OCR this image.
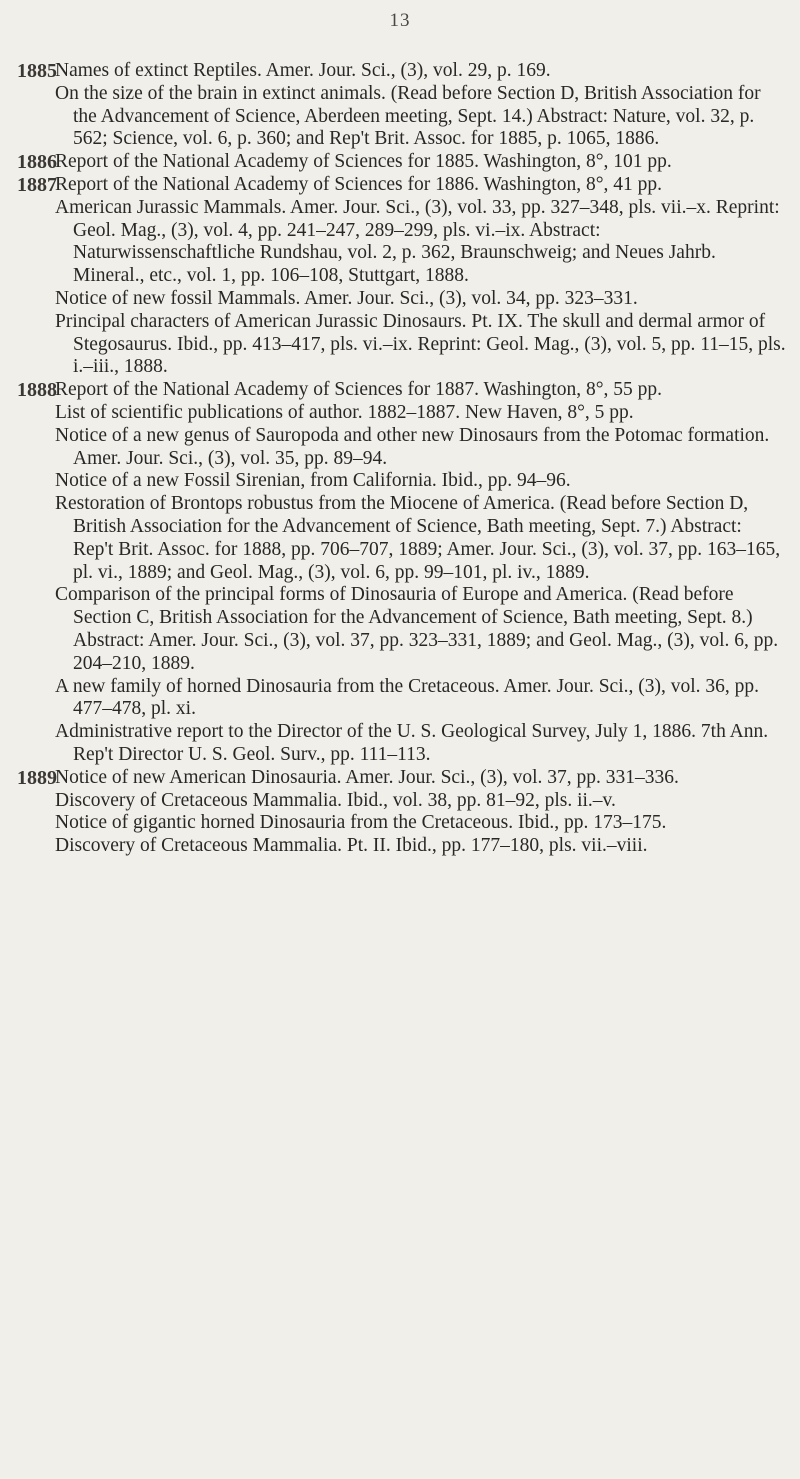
13
1885
Names of extinct Reptiles. Amer. Jour. Sci., (3), vol. 29, p. 169.
On the size of the brain in extinct animals. (Read before Section D, British Association for the Advancement of Science, Aberdeen meeting, Sept. 14.) Abstract: Nature, vol. 32, p. 562; Science, vol. 6, p. 360; and Rep't Brit. Assoc. for 1885, p. 1065, 1886.
1886
Report of the National Academy of Sciences for 1885. Washington, 8°, 101 pp.
1887
Report of the National Academy of Sciences for 1886. Washington, 8°, 41 pp.
American Jurassic Mammals. Amer. Jour. Sci., (3), vol. 33, pp. 327–348, pls. vii.–x. Reprint: Geol. Mag., (3), vol. 4, pp. 241–247, 289–299, pls. vi.–ix. Abstract: Naturwissenschaftliche Rundshau, vol. 2, p. 362, Braunschweig; and Neues Jahrb. Mineral., etc., vol. 1, pp. 106–108, Stuttgart, 1888.
Notice of new fossil Mammals. Amer. Jour. Sci., (3), vol. 34, pp. 323–331.
Principal characters of American Jurassic Dinosaurs. Pt. IX. The skull and dermal armor of Stegosaurus. Ibid., pp. 413–417, pls. vi.–ix. Reprint: Geol. Mag., (3), vol. 5, pp. 11–15, pls. i.–iii., 1888.
1888
Report of the National Academy of Sciences for 1887. Washington, 8°, 55 pp.
List of scientific publications of author. 1882–1887. New Haven, 8°, 5 pp.
Notice of a new genus of Sauropoda and other new Dinosaurs from the Potomac formation. Amer. Jour. Sci., (3), vol. 35, pp. 89–94.
Notice of a new Fossil Sirenian, from California. Ibid., pp. 94–96.
Restoration of Brontops robustus from the Miocene of America. (Read before Section D, British Association for the Advancement of Science, Bath meeting, Sept. 7.) Abstract: Rep't Brit. Assoc. for 1888, pp. 706–707, 1889; Amer. Jour. Sci., (3), vol. 37, pp. 163–165, pl. vi., 1889; and Geol. Mag., (3), vol. 6, pp. 99–101, pl. iv., 1889.
Comparison of the principal forms of Dinosauria of Europe and America. (Read before Section C, British Association for the Advancement of Science, Bath meeting, Sept. 8.) Abstract: Amer. Jour. Sci., (3), vol. 37, pp. 323–331, 1889; and Geol. Mag., (3), vol. 6, pp. 204–210, 1889.
A new family of horned Dinosauria from the Cretaceous. Amer. Jour. Sci., (3), vol. 36, pp. 477–478, pl. xi.
Administrative report to the Director of the U. S. Geological Survey, July 1, 1886. 7th Ann. Rep't Director U. S. Geol. Surv., pp. 111–113.
1889
Notice of new American Dinosauria. Amer. Jour. Sci., (3), vol. 37, pp. 331–336.
Discovery of Cretaceous Mammalia. Ibid., vol. 38, pp. 81–92, pls. ii.–v.
Notice of gigantic horned Dinosauria from the Cretaceous. Ibid., pp. 173–175.
Discovery of Cretaceous Mammalia. Pt. II. Ibid., pp. 177–180, pls. vii.–viii.
